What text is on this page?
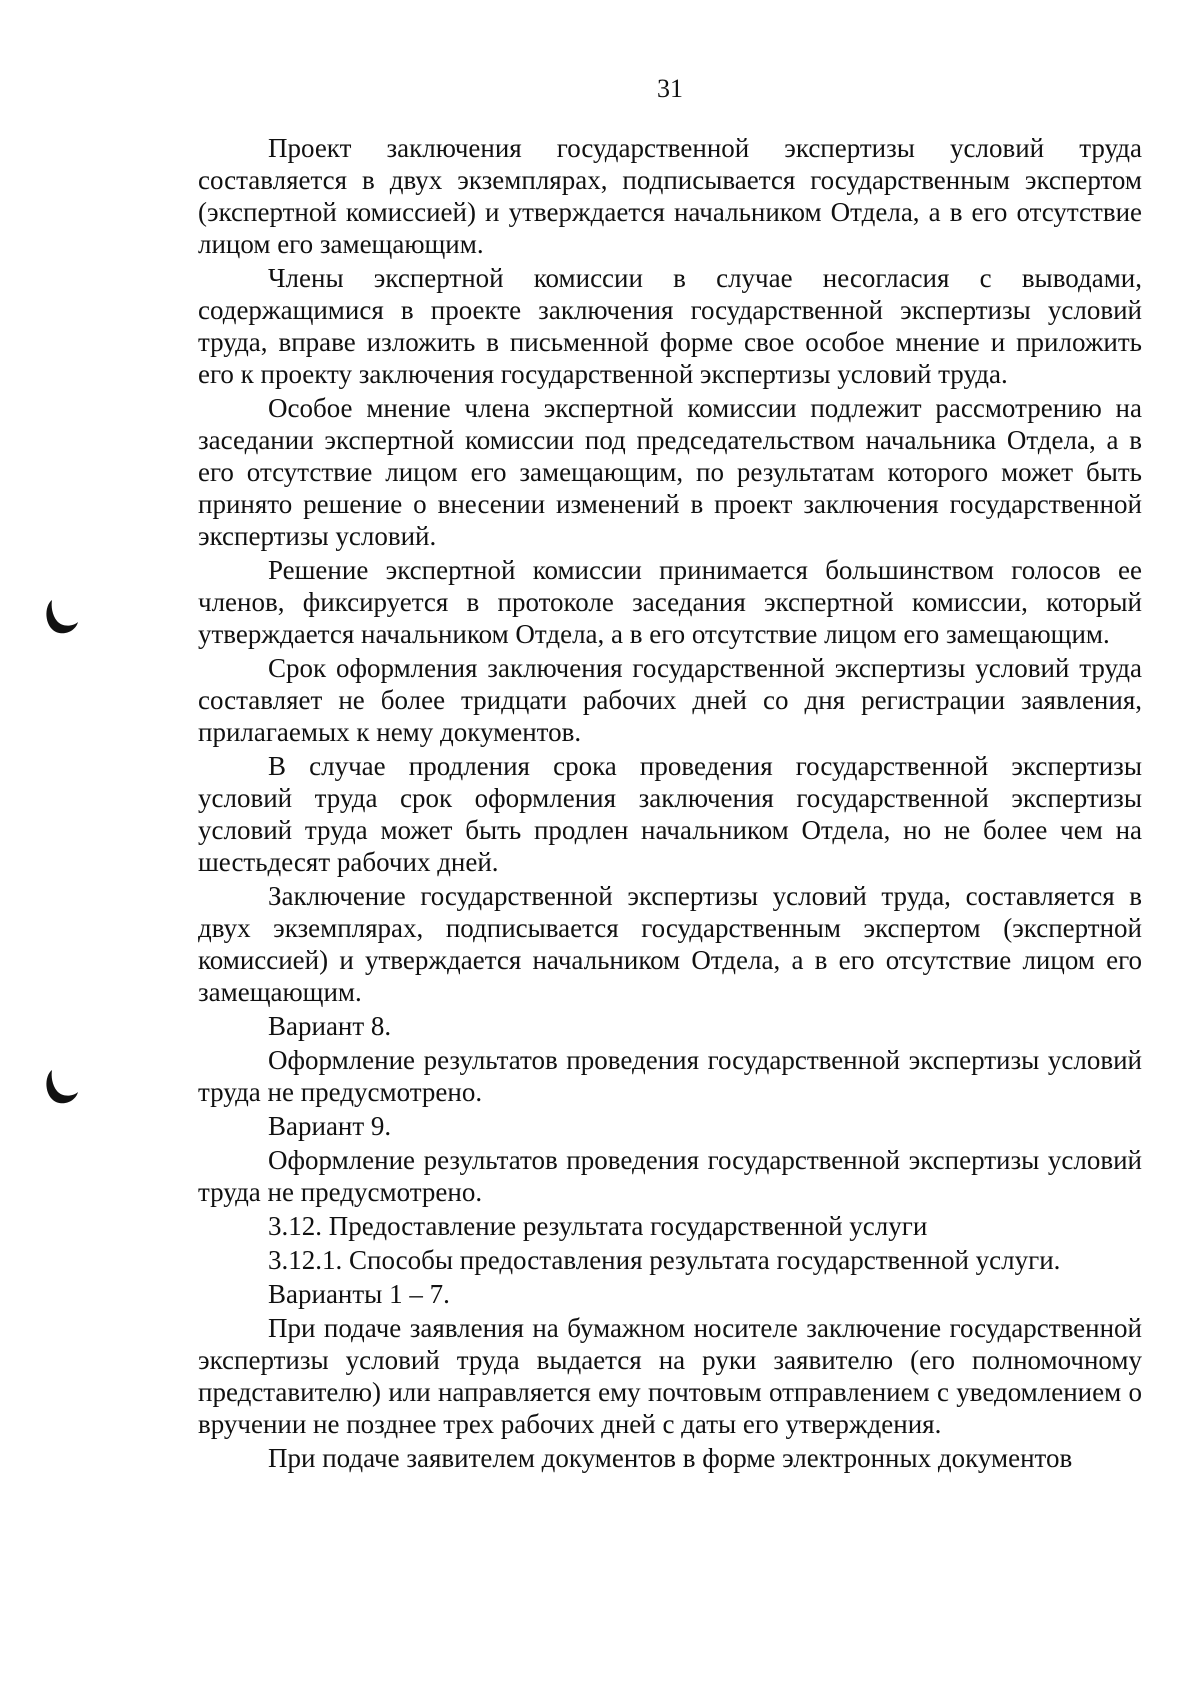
31

Проект заключения государственной экспертизы условий труда составляется в двух экземплярах, подписывается государственным экспертом (экспертной комиссией) и утверждается начальником Отдела, а в его отсутствие лицом его замещающим.

Члены экспертной комиссии в случае несогласия с выводами, содержащимися в проекте заключения государственной экспертизы условий труда, вправе изложить в письменной форме свое особое мнение и приложить его к проекту заключения государственной экспертизы условий труда.

Особое мнение члена экспертной комиссии подлежит рассмотрению на заседании экспертной комиссии под председательством начальника Отдела, а в его отсутствие лицом его замещающим, по результатам которого может быть принято решение о внесении изменений в проект заключения государственной экспертизы условий.

Решение экспертной комиссии принимается большинством голосов ее членов, фиксируется в протоколе заседания экспертной комиссии, который утверждается начальником Отдела, а в его отсутствие лицом его замещающим.

Срок оформления заключения государственной экспертизы условий труда составляет не более тридцати рабочих дней со дня регистрации заявления, прилагаемых к нему документов.

В случае продления срока проведения государственной экспертизы условий труда срок оформления заключения государственной экспертизы условий труда может быть продлен начальником Отдела, но не более чем на шестьдесят рабочих дней.

Заключение государственной экспертизы условий труда, составляется в двух экземплярах, подписывается государственным экспертом (экспертной комиссией) и утверждается начальником Отдела, а в его отсутствие лицом его замещающим.

Вариант 8.

Оформление результатов проведения государственной экспертизы условий труда не предусмотрено.

Вариант 9.

Оформление результатов проведения государственной экспертизы условий труда не предусмотрено.

3.12. Предоставление результата государственной услуги

3.12.1. Способы предоставления результата государственной услуги.

Варианты 1 – 7.

При подаче заявления на бумажном носителе заключение государственной экспертизы условий труда выдается на руки заявителю (его полномочному представителю) или направляется ему почтовым отправлением с уведомлением о вручении не позднее трех рабочих дней с даты его утверждения.

При подаче заявителем документов в форме электронных документов
